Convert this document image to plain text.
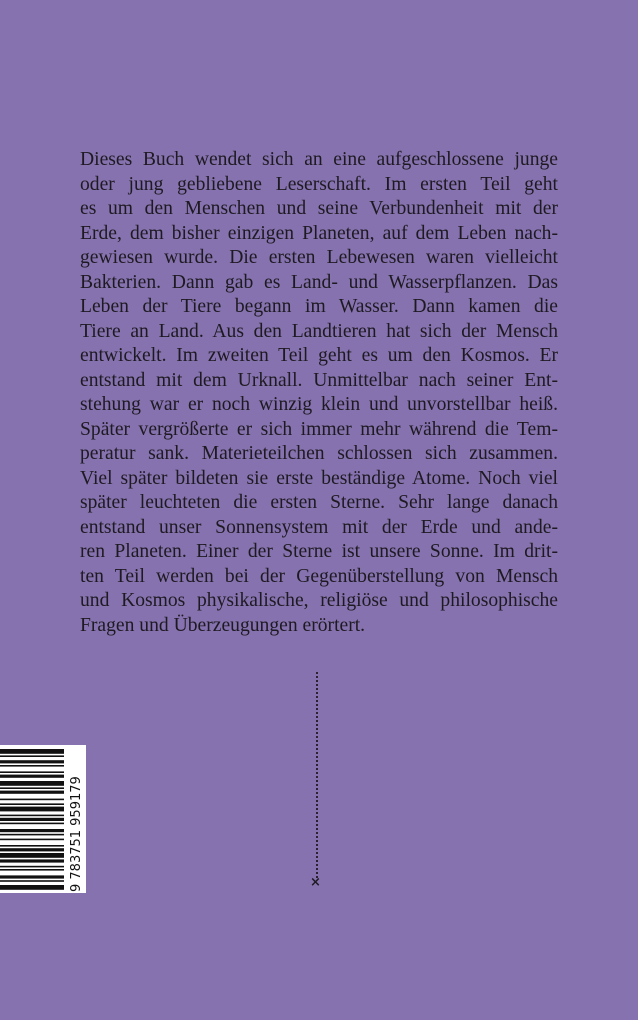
Dieses Buch wendet sich an eine aufgeschlossene junge
oder jung gebliebene Leserschaft. Im ersten Teil geht
es um den Menschen und seine Verbundenheit mit der
Erde, dem bisher einzigen Planeten, auf dem Leben nach-
gewiesen wurde. Die ersten Lebewesen waren vielleicht
Bakterien. Dann gab es Land- und Wasserpflanzen. Das
Leben der Tiere begann im Wasser. Dann kamen die
Tiere an Land. Aus den Landtieren hat sich der Mensch
entwickelt. Im zweiten Teil geht es um den Kosmos. Er
entstand mit dem Urknall. Unmittelbar nach seiner Ent-
stehung war er noch winzig klein und unvorstellbar heiß.
Später vergrößerte er sich immer mehr während die Tem-
peratur sank. Materieteilchen schlossen sich zusammen.
Viel später bildeten sie erste beständige Atome. Noch viel
später leuchteten die ersten Sterne. Sehr lange danach
entstand unser Sonnensystem mit der Erde und ande-
ren Planeten. Einer der Sterne ist unsere Sonne. Im drit-
ten Teil werden bei der Gegenüberstellung von Mensch
und Kosmos physikalische, religiöse und philosophische
Fragen und Überzeugungen erörtert.
×
9 783751 959179
